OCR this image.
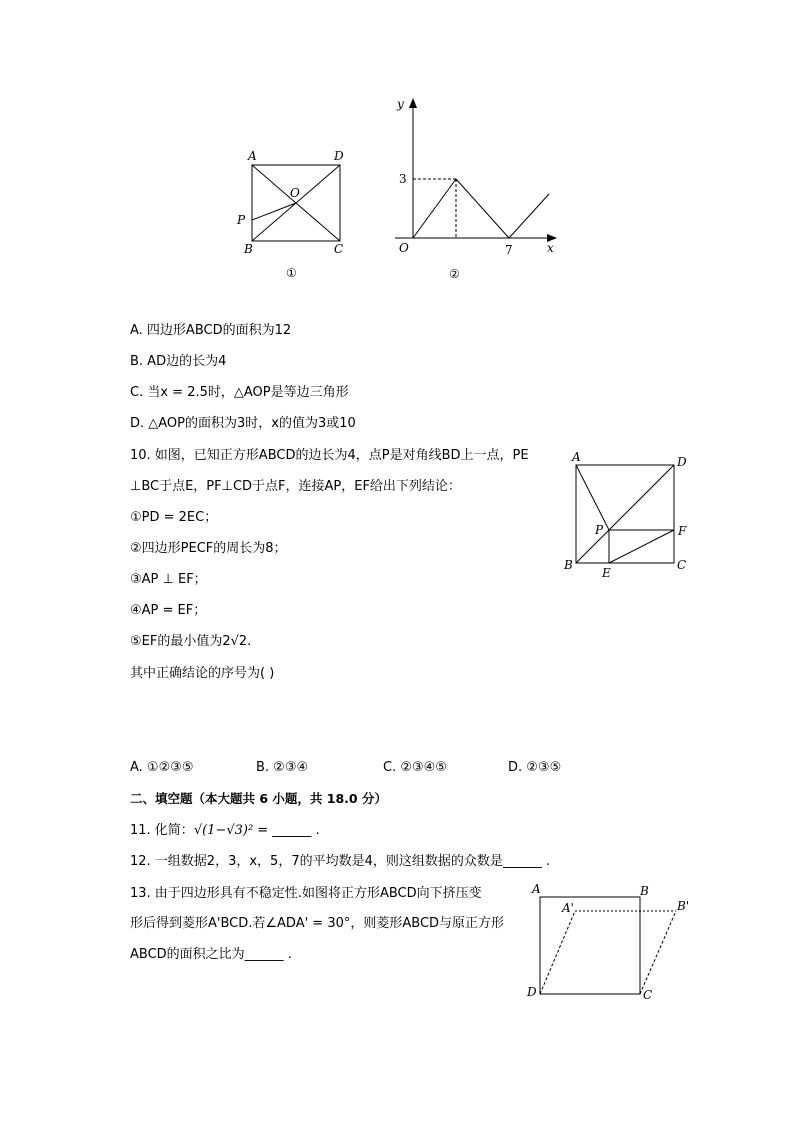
A	D
B	C
O
P
①
y
x
O
3
7
②
A. 四边形ABCD的面积为12
B. AD边的长为4
C. 当x = 2.5时，△AOP是等边三角形
D. △AOP的面积为3时，x的值为3或10
10. 如图，已知正方形ABCD的边长为4，点P是对角线BD上一点，PE
⊥BC于点E，PF⊥CD于点F，连接AP，EF给出下列结论：
①PD = 2EC；
②四边形PECF的周长为8；
③AP ⊥ EF；
④AP = EF；
⑤EF的最小值为2√2.
其中正确结论的序号为( )
A	D
P	F
B
E
C
A. ①②③⑤	B. ②③④	C. ②③④⑤	D. ②③⑤
二、填空题（本大题共 6 小题，共 18.0 分）
11. 化简：√(1−√3)² = ______ .
12. 一组数据2，3，x，5，7的平均数是4，则这组数据的众数是______ .
13. 由于四边形具有不稳定性.如图将正方形ABCD向下挤压变
形后得到菱形A'BCD.若∠ADA' = 30°，则菱形ABCD与原正方形
ABCD的面积之比为______ .
A	B
A'	B'
D	C
